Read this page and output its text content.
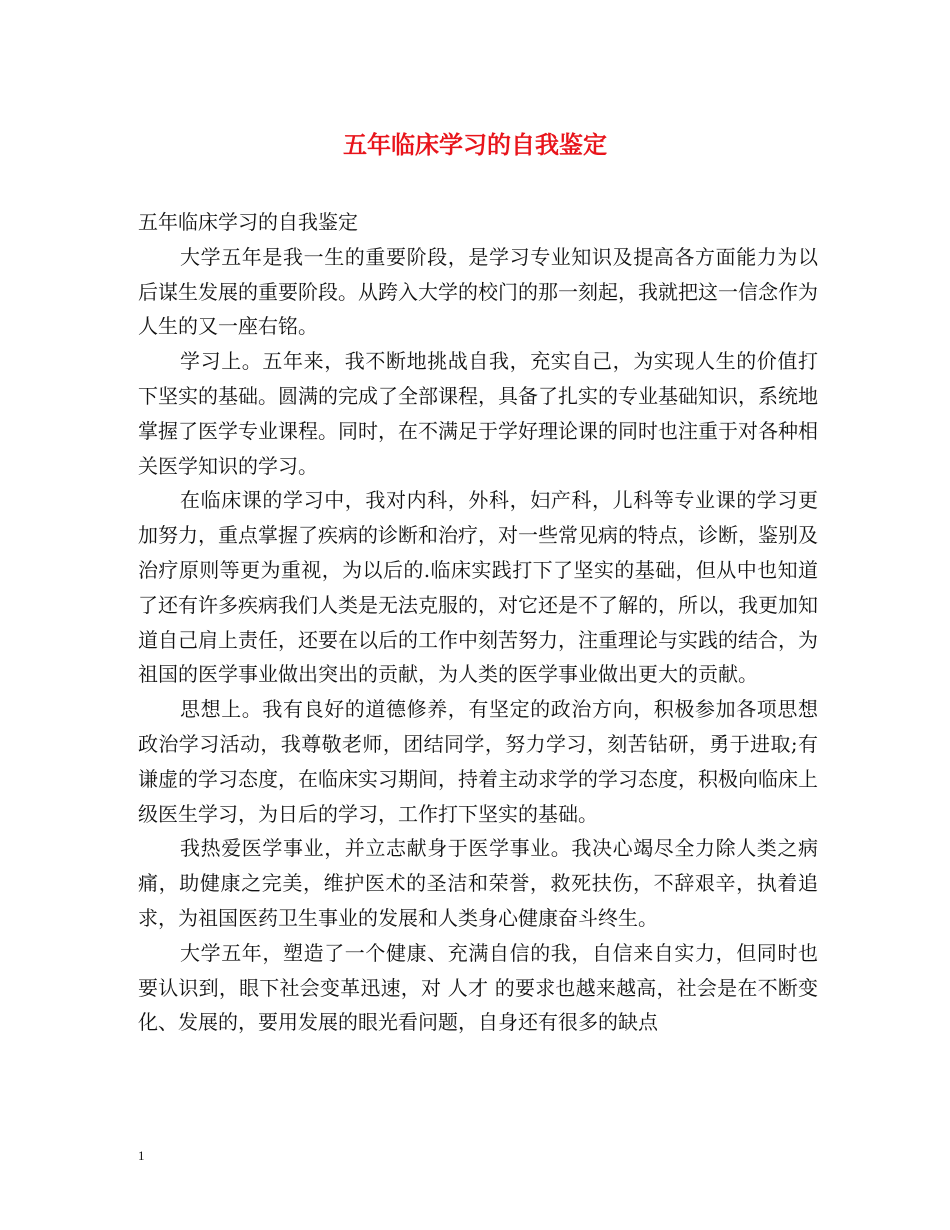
五年临床学习的自我鉴定

五年临床学习的自我鉴定

大学五年是我一生的重要阶段，是学习专业知识及提高各方面能力为以后谋生发展的重要阶段。从跨入大学的校门的那一刻起，我就把这一信念作为人生的又一座右铭。

学习上。五年来，我不断地挑战自我，充实自己，为实现人生的价值打下坚实的基础。圆满的完成了全部课程，具备了扎实的专业基础知识，系统地掌握了医学专业课程。同时，在不满足于学好理论课的同时也注重于对各种相关医学知识的学习。

在临床课的学习中，我对内科，外科，妇产科，儿科等专业课的学习更加努力，重点掌握了疾病的诊断和治疗，对一些常见病的特点，诊断，鉴别及治疗原则等更为重视，为以后的.临床实践打下了坚实的基础，但从中也知道了还有许多疾病我们人类是无法克服的，对它还是不了解的，所以，我更加知道自己肩上责任，还要在以后的工作中刻苦努力，注重理论与实践的结合，为祖国的医学事业做出突出的贡献，为人类的医学事业做出更大的贡献。

思想上。我有良好的道德修养，有坚定的政治方向，积极参加各项思想政治学习活动，我尊敬老师，团结同学，努力学习，刻苦钻研，勇于进取;有谦虚的学习态度，在临床实习期间，持着主动求学的学习态度，积极向临床上级医生学习，为日后的学习，工作打下坚实的基础。

我热爱医学事业，并立志献身于医学事业。我决心竭尽全力除人类之病痛，助健康之完美，维护医术的圣洁和荣誉，救死扶伤，不辞艰辛，执着追求，为祖国医药卫生事业的发展和人类身心健康奋斗终生。

大学五年，塑造了一个健康、充满自信的我，自信来自实力，但同时也要认识到，眼下社会变革迅速，对 人才 的要求也越来越高，社会是在不断变化、发展的，要用发展的眼光看问题，自身还有很多的缺点

1
